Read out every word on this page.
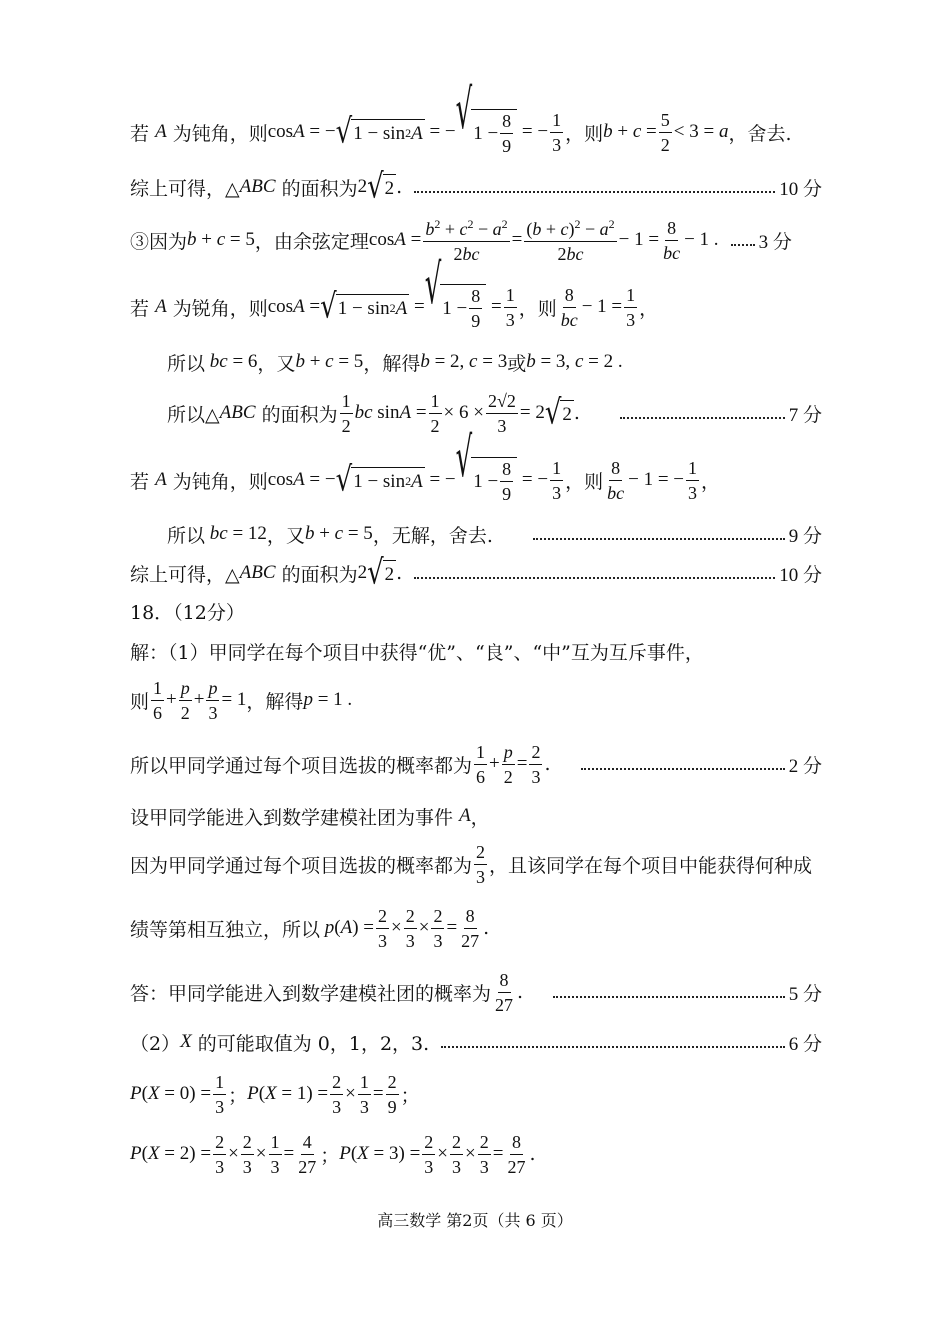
若
A
为钝角，则 cosA = − √ 1 − sin 2 A = − √ $1 - \frac{8}{9}$ = − $\frac{1}{3}$ ，则 $b + c = \frac{5}{2} < 3 = a$ ，舍去.
综上可得，△ ABC
的面积为 2 √ 2 .	10 分
③因为 b + c = 5 ，由余弦定理 $\cos A = \frac{b^2 + c^2 - a^2}{2bc} = \frac{(b + c)^2 - a^2}{2bc} - 1 = \frac{8}{bc} - 1$ . 3 分
若
A
为锐角，则 cosA = √ 1 − sin 2 A = √ $1 - \frac{8}{9} = \frac{1}{3}$ ，则 $\frac{8}{bc} - 1 = \frac{1}{3}$ ，
所以 bc = 6 ，又 b + c = 5 ，解得 b = 2, c = 3 或 b = 3, c = 2 .
所以△ ABC
的面积为 $\frac{1}{2}$ bc $\sin A = \frac{1}{2} \times 6 \times \frac{2√2}{3} = 2$ √ 2 .	7 分
若
A
为钝角，则 cosA = − √ 1 − sin 2 A = − √ $1 - \frac{8}{9}$ = − $\frac{1}{3}$ ，则 $\frac{8}{bc} - 1$ = − $\frac{1}{3}$ ，
所以 bc = 12 ，又 b + c = 5 ，无解，舍去.	9 分
综上可得，△ ABC
的面积为 2 √ 2 .	10 分
18．（12分）
解：（1）甲同学在每个项目中获得“优”、“良”、“中”互为互斥事件，
则 $\frac{1}{6} + \frac{p}{2} + \frac{p}{3} = 1$ ，解得 p = 1 .
所以甲同学通过每个项目选拔的概率都为 $\frac{1}{6} + \frac{p}{2} = \frac{2}{3}$ .	2 分
设甲同学能进入到数学建模社团为事件
A ，
因为甲同学通过每个项目选拔的概率都为 $\frac{2}{3}$ ，且该同学在每个项目中能获得何种成
绩等第相互独立，所以 $p(A) = \frac{2}{3} \times \frac{2}{3} \times \frac{2}{3} = \frac{8}{27}$ .
答：甲同学能进入到数学建模社团的概率为 $\frac{8}{27}$ .	5 分
（2） X
的可能取值为 0，1，2，3.	6 分
$P(X = 0) = \frac{1}{3}$ ； $P(X = 1) = \frac{2}{3} \times \frac{1}{3} = \frac{2}{9}$ ；
$P(X = 2) = \frac{2}{3} \times \frac{2}{3} \times \frac{1}{3} = \frac{4}{27}$ ； $P(X = 3) = \frac{2}{3} \times \frac{2}{3} \times \frac{2}{3} = \frac{8}{27}$ .
高三数学 第2页（共 6 页）
